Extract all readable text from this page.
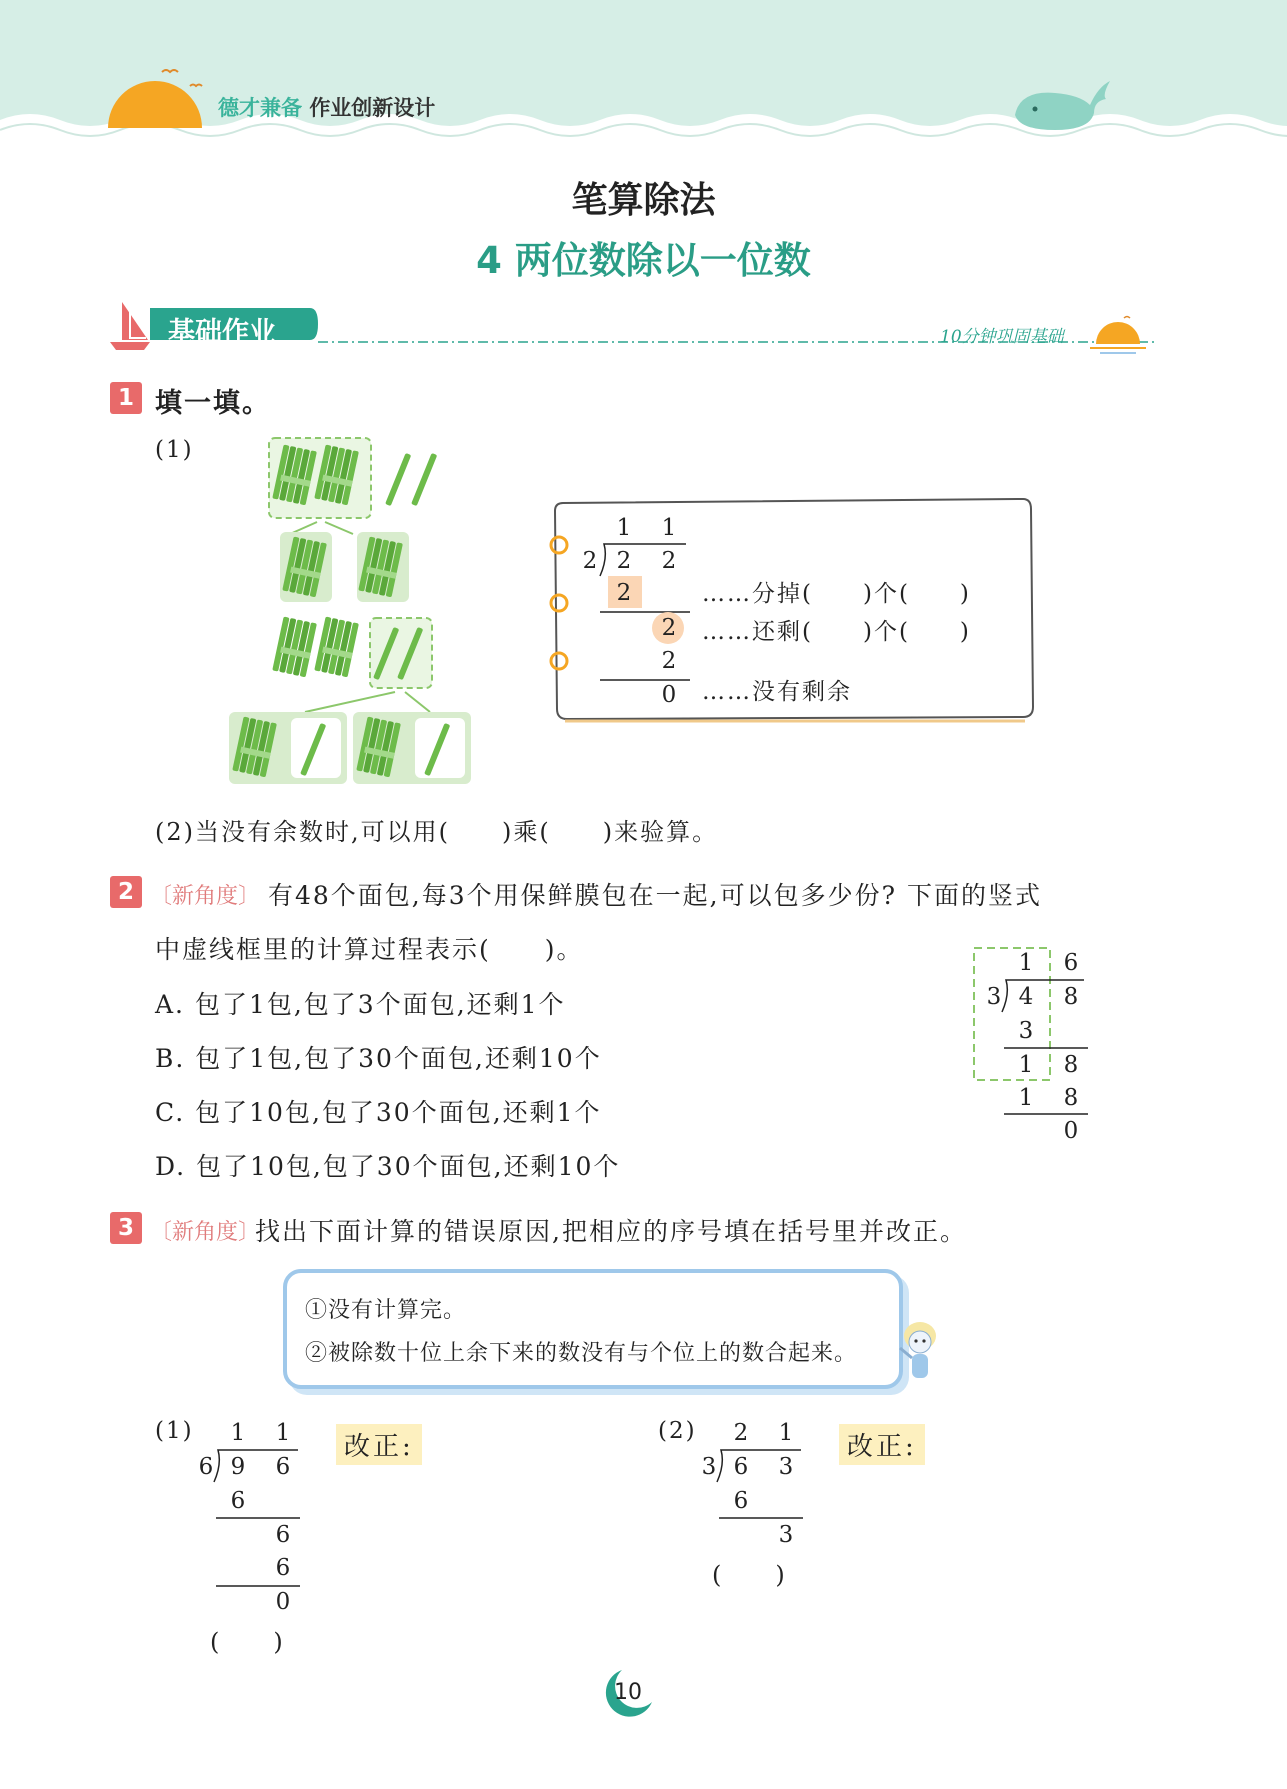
德才兼备 作业创新设计
笔算除法
4 两位数除以一位数
基础作业	10分钟巩固基础
1 填一填。
(1)
1 1
2 2 2
2
2
2
0
……分掉(　　)个(　　)
……还剩(　　)个(　　)
……没有剩余
(2)当没有余数时,可以用(　　)乘(　　)来验算。
2 〔新角度〕 有48个面包,每3个用保鲜膜包在一起,可以包多少份? 下面的竖式
中虚线框里的计算过程表示(　　)。
A. 包了1包,包了3个面包,还剩1个
B. 包了1包,包了30个面包,还剩10个
C. 包了10包,包了30个面包,还剩1个
D. 包了10包,包了30个面包,还剩10个
1 6
3 4 8
3
1 8
1 8
0
3 〔新角度〕
找出下面计算的错误原因,把相应的序号填在括号里并改正。
①没有计算完。
②被除数十位上余下来的数没有与个位上的数合起来。
(1) 1 1
6 9 6
6
6
6
0
(　　)
改正:
(2) 2 1
3 6 3
6
3
(　　)
改正:
10
